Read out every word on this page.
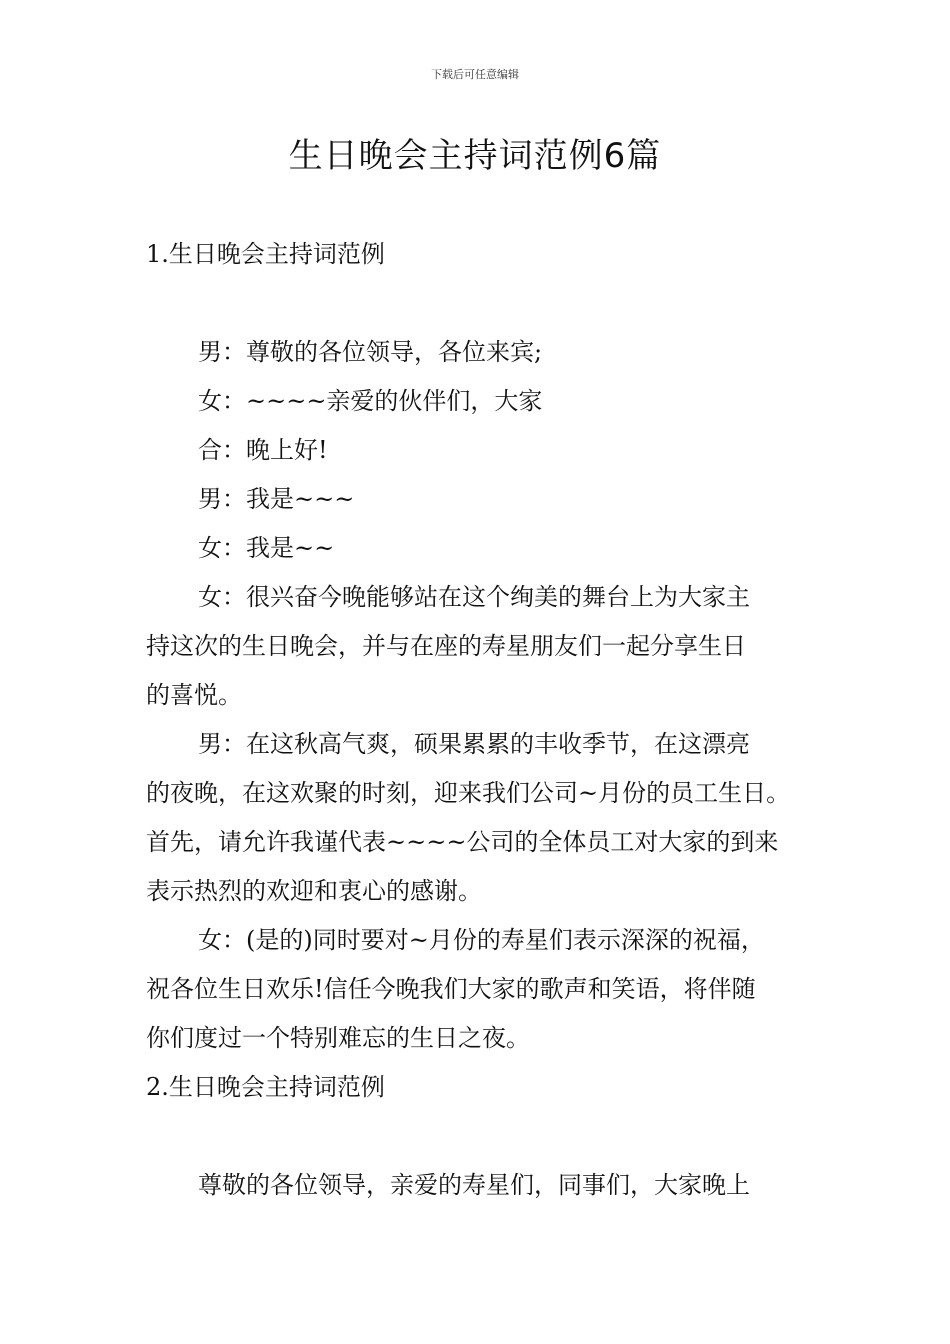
下载后可任意编辑
生日晚会主持词范例6篇
1.生日晚会主持词范例

男：尊敬的各位领导，各位来宾;

女：~~~~亲爱的伙伴们，大家

合：晚上好!

男：我是~~~

女：我是~~

女：很兴奋今晚能够站在这个绚美的舞台上为大家主
持这次的生日晚会，并与在座的寿星朋友们一起分享生日
的喜悦。

男：在这秋高气爽，硕果累累的丰收季节，在这漂亮
的夜晚，在这欢聚的时刻，迎来我们公司~月份的员工生日。
首先，请允许我谨代表~~~~公司的全体员工对大家的到来
表示热烈的欢迎和衷心的感谢。

女：(是的)同时要对~月份的寿星们表示深深的祝福，
祝各位生日欢乐!信任今晚我们大家的歌声和笑语，将伴随
你们度过一个特别难忘的生日之夜。

2.生日晚会主持词范例

尊敬的各位领导，亲爱的寿星们，同事们，大家晚上
